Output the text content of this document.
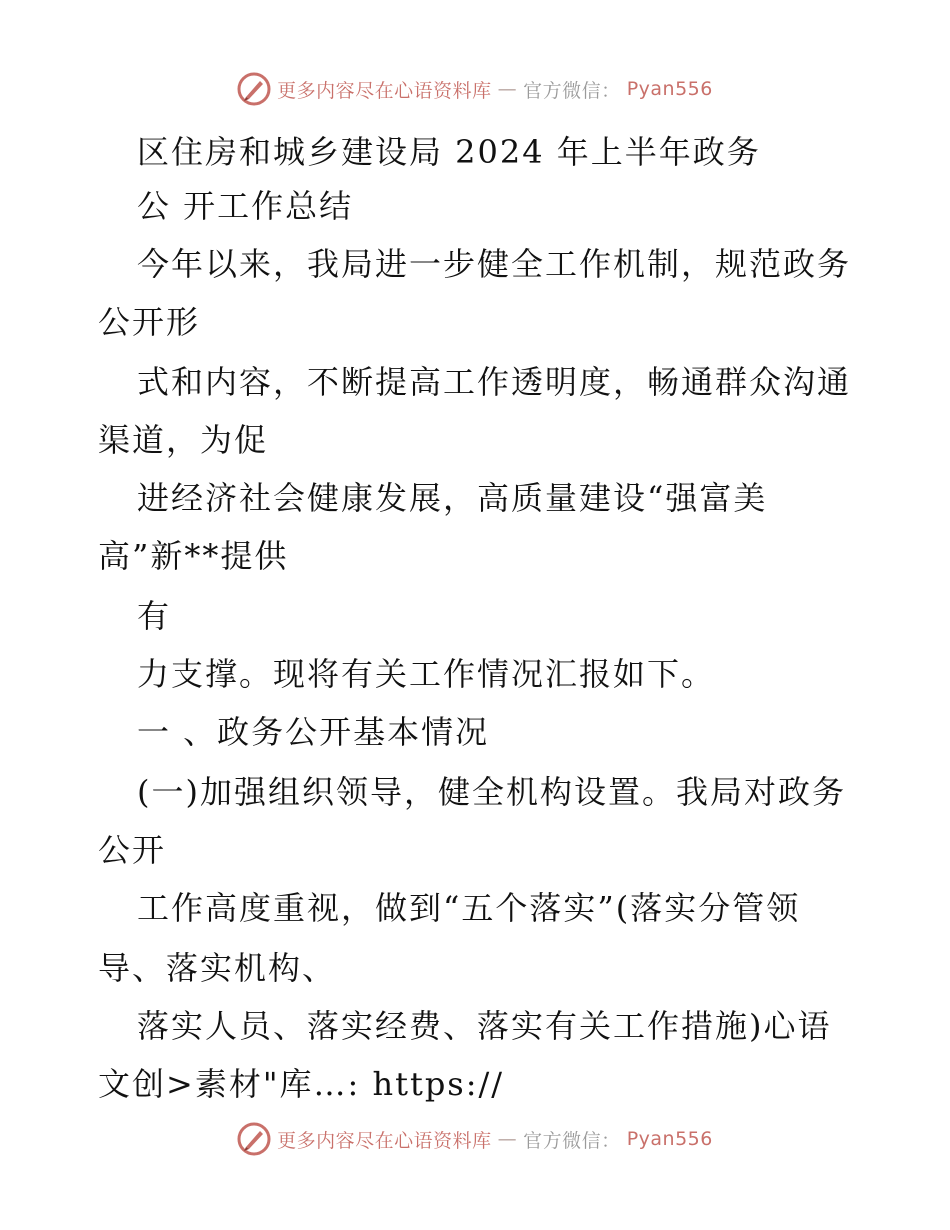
更多内容尽在心语资料库 — 官方微信： Pyan556
区住房和城乡建设局 2024 年上半年政务
公 开工作总结
今年以来，我局进一步健全工作机制，规范政务
公开形
式和内容，不断提高工作透明度，畅通群众沟通
渠道，为促
进经济社会健康发展，高质量建设“强富美
高”新**提供
有
力支撑。现将有关工作情况汇报如下。
一 、政务公开基本情况
(一)加强组织领导，健全机构设置。我局对政务
公开
工作高度重视，做到“五个落实”(落实分管领
导、落实机构、
落实人员、落实经费、落实有关工作措施)心语
文创>素材"库…: https://
更多内容尽在心语资料库 — 官方微信： Pyan556
